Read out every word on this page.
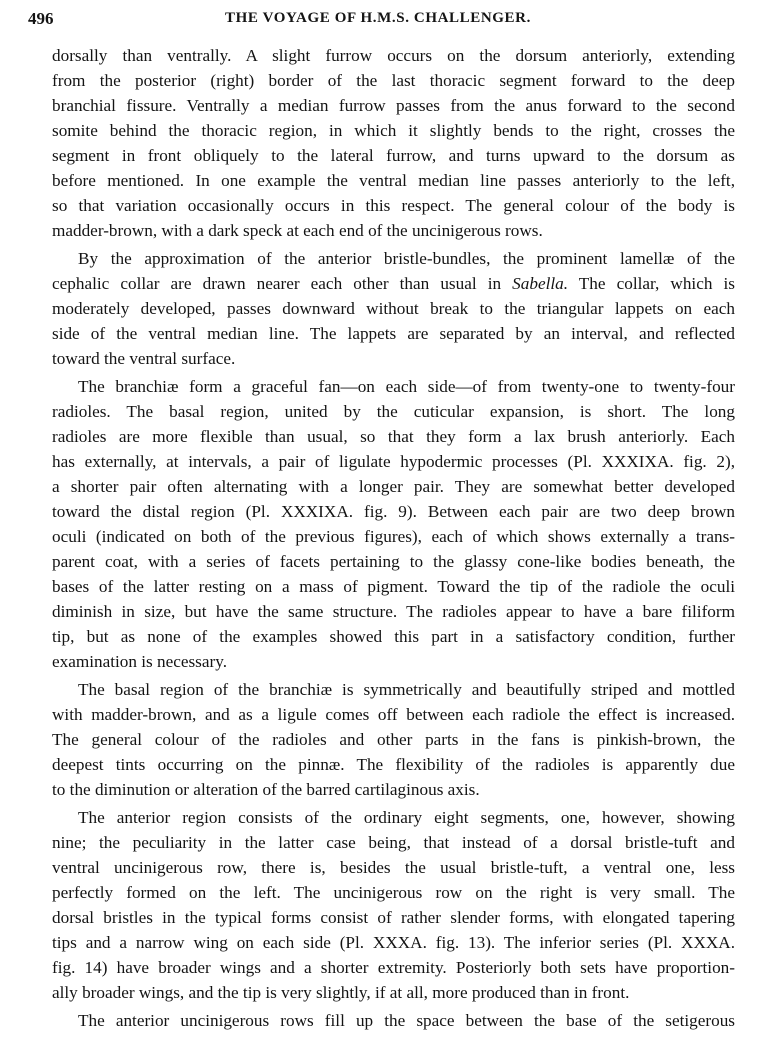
496	THE VOYAGE OF H.M.S. CHALLENGER.
dorsally than ventrally. A slight furrow occurs on the dorsum anteriorly, extending
from the posterior (right) border of the last thoracic segment forward to the deep
branchial fissure. Ventrally a median furrow passes from the anus forward to the second
somite behind the thoracic region, in which it slightly bends to the right, crosses the
segment in front obliquely to the lateral furrow, and turns upward to the dorsum as
before mentioned. In one example the ventral median line passes anteriorly to the left,
so that variation occasionally occurs in this respect. The general colour of the body is
madder-brown, with a dark speck at each end of the uncinigerous rows.
By the approximation of the anterior bristle-bundles, the prominent lamellæ of the
cephalic collar are drawn nearer each other than usual in Sabella. The collar, which is
moderately developed, passes downward without break to the triangular lappets on each
side of the ventral median line. The lappets are separated by an interval, and reflected
toward the ventral surface.
The branchiæ form a graceful fan—on each side—of from twenty-one to twenty-four
radioles. The basal region, united by the cuticular expansion, is short. The long
radioles are more flexible than usual, so that they form a lax brush anteriorly. Each
has externally, at intervals, a pair of ligulate hypodermic processes (Pl. XXXIXA. fig. 2),
a shorter pair often alternating with a longer pair. They are somewhat better developed
toward the distal region (Pl. XXXIXA. fig. 9). Between each pair are two deep brown
oculi (indicated on both of the previous figures), each of which shows externally a trans-
parent coat, with a series of facets pertaining to the glassy cone-like bodies beneath, the
bases of the latter resting on a mass of pigment. Toward the tip of the radiole the oculi
diminish in size, but have the same structure. The radioles appear to have a bare filiform
tip, but as none of the examples showed this part in a satisfactory condition, further
examination is necessary.
The basal region of the branchiæ is symmetrically and beautifully striped and mottled
with madder-brown, and as a ligule comes off between each radiole the effect is increased.
The general colour of the radioles and other parts in the fans is pinkish-brown, the
deepest tints occurring on the pinnæ. The flexibility of the radioles is apparently due
to the diminution or alteration of the barred cartilaginous axis.
The anterior region consists of the ordinary eight segments, one, however, showing
nine; the peculiarity in the latter case being, that instead of a dorsal bristle-tuft and
ventral uncinigerous row, there is, besides the usual bristle-tuft, a ventral one, less
perfectly formed on the left. The uncinigerous row on the right is very small. The
dorsal bristles in the typical forms consist of rather slender forms, with elongated tapering
tips and a narrow wing on each side (Pl. XXXA. fig. 13). The inferior series (Pl. XXXA.
fig. 14) have broader wings and a shorter extremity. Posteriorly both sets have proportion-
ally broader wings, and the tip is very slightly, if at all, more produced than in front.
The anterior uncinigerous rows fill up the space between the base of the setigerous
